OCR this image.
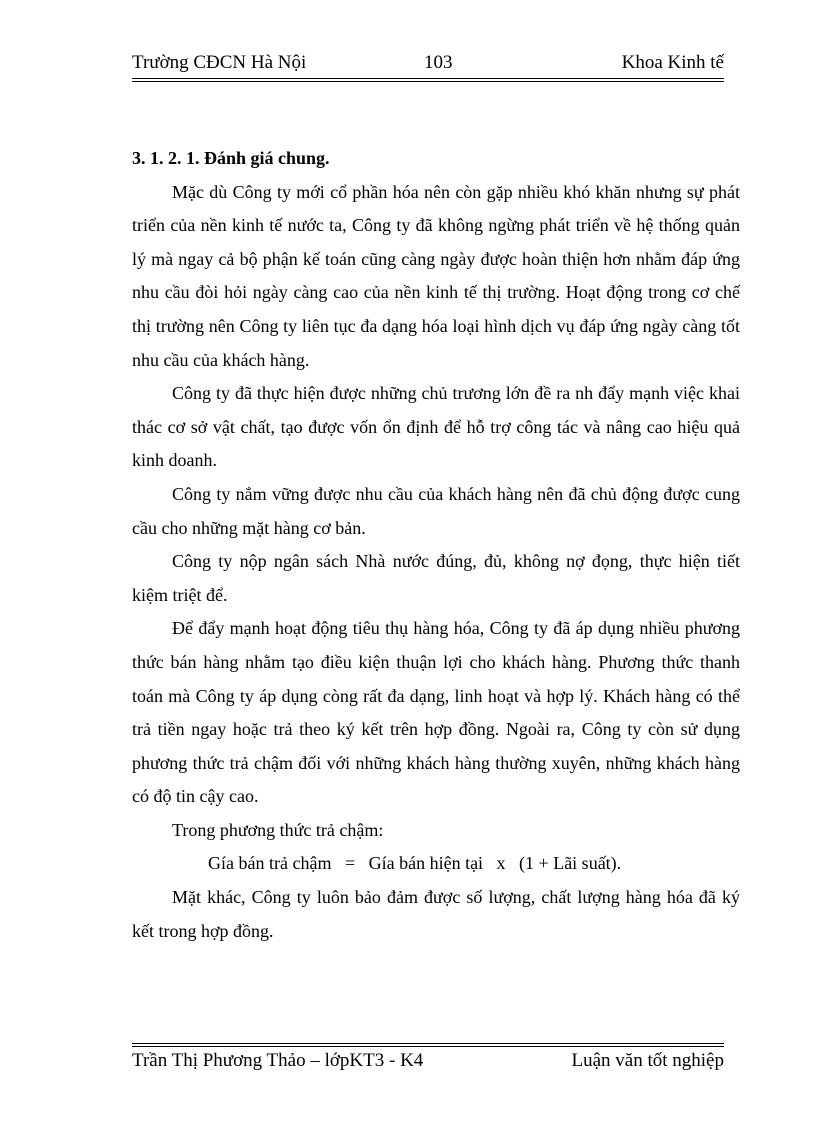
Trường CĐCN Hà Nội	103	Khoa Kinh tế

3. 1. 2. 1. Đánh giá chung.

Mặc dù Công ty mới cổ phần hóa nên còn gặp nhiều khó khăn nhưng sự phát triển của nền kinh tế nước ta, Công ty đã không ngừng phát triển về hệ thống quản lý mà ngay cả bộ phận kế toán cũng càng ngày được hoàn thiện hơn nhằm đáp ứng nhu cầu đòi hỏi ngày càng cao của nền kinh tế thị trường. Hoạt động trong cơ chế thị trường nên Công ty liên tục đa dạng hóa loại hình dịch vụ đáp ứng ngày càng tốt nhu cầu của khách hàng.

Công ty đã thực hiện được những chủ trương lớn đề ra nh đẩy mạnh việc khai thác cơ sở vật chất, tạo được vốn ổn định để hỗ trợ công tác và nâng cao hiệu quả kinh doanh.

Công ty nắm vững được nhu cầu của khách hàng nên đã chủ động được cung cầu cho những mặt hàng cơ bản.

Công ty nộp ngân sách Nhà nước đúng, đủ, không nợ đọng, thực hiện tiết kiệm triệt để.

Để đẩy mạnh hoạt động tiêu thụ hàng hóa, Công ty đã áp dụng nhiều phương thức bán hàng nhằm tạo điều kiện thuận lợi cho khách hàng. Phương thức thanh toán mà Công ty áp dụng còng rất đa dạng, linh hoạt và hợp lý. Khách hàng có thể trả tiền ngay hoặc trả theo ký kết trên hợp đồng. Ngoài ra, Công ty còn sử dụng phương thức trả chậm đối với những khách hàng thường xuyên, những khách hàng có độ tin cậy cao.

Trong phương thức trả chậm:

Gía bán trả chậm   =   Gía bán hiện tại   x   (1 + Lãi suất).

Mặt khác, Công ty luôn bảo đảm được số lượng, chất lượng hàng hóa đã ký kết trong hợp đồng.

Trần Thị Phương Thảo – lớpKT3 - K4	Luận văn tốt nghiệp
